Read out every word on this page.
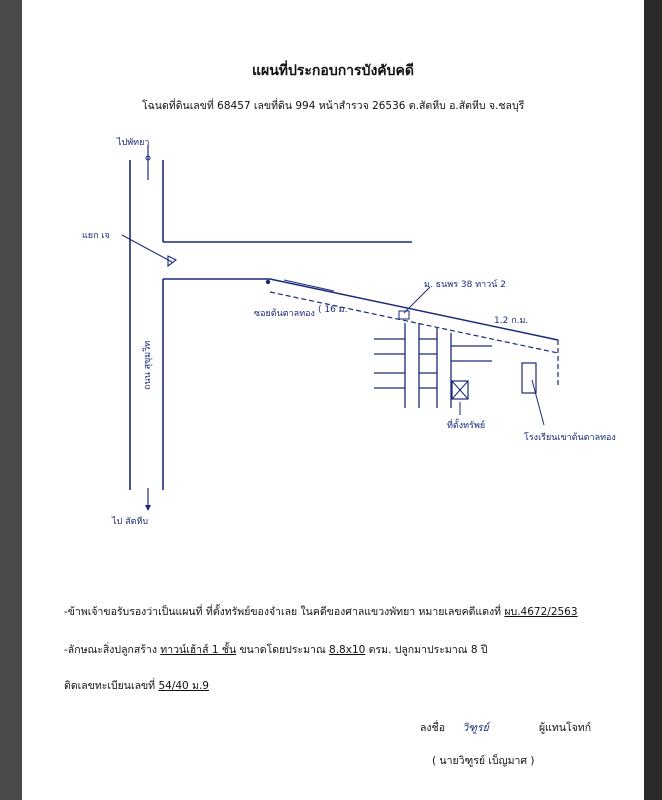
แผนที่ประกอบการบังคับคดี
โฉนดที่ดินเลขที่ 68457 เลขที่ดิน 994 หน้าสำรวจ 26536 ต.สัตหีบ อ.สัตหีบ จ.ชลบุรี
ไปพัทยา
ไป สัตหีบ
แยก เจ
ถนน สุขุมวิท
ซอยต้นตาลทอง ( 16 ม.
1.2 ก.ม.
ม. ธนพร 38 ทาวน์ 2
ที่ตั้งทรัพย์
โรงเรียนเขาต้นตาลทอง
-ข้าพเจ้าขอรับรองว่าเป็นแผนที่ ที่ตั้งทรัพย์ของจำเลย ในคดีของศาลแขวงพัทยา หมายเลขคดีแดงที่ ผบ.4672/2563
-ลักษณะสิ่งปลูกสร้าง ทาวน์เฮ้าส์ 1 ชั้น ขนาดโดยประมาณ 8.8x10 ตรม. ปลูกมาประมาณ 8 ปี
ติดเลขทะเบียนเลขที่ 54/40 ม.9
ลงชื่อ วิฑูรย์	ผู้แทนโจทก์
( นายวิฑูรย์ เบ็ญมาศ )
